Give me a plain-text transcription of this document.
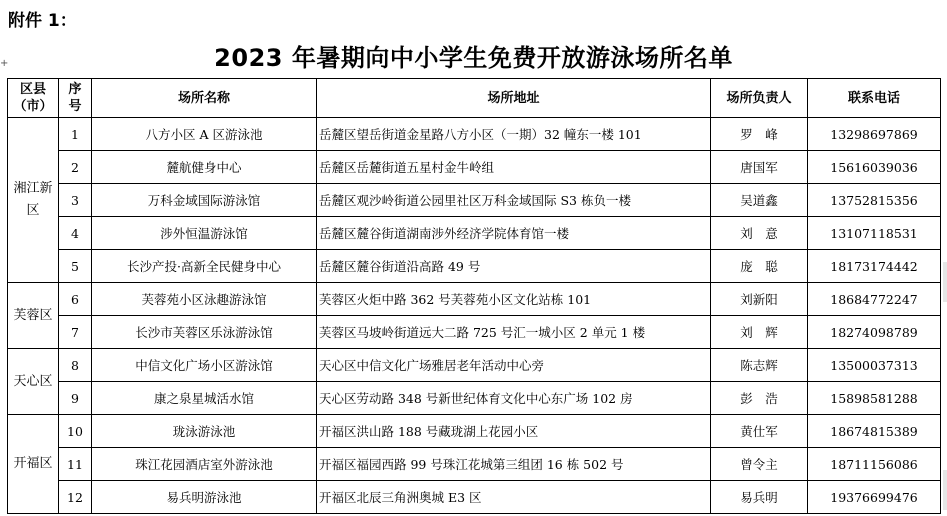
附件 1：
2023 年暑期向中小学生免费开放游泳场所名单
+
区县（市）	序号	场所名称	场所地址	场所负责人	联系电话
湘江新区	1	八方小区 A 区游泳池	岳麓区望岳街道金星路八方小区（一期）32 幢东一楼 101	罗　峰	13298697869
	2	麓航健身中心	岳麓区岳麓街道五星村金牛岭组	唐国军	15616039036
	3	万科金域国际游泳馆	岳麓区观沙岭街道公园里社区万科金域国际 S3 栋负一楼	吴道鑫	13752815356
	4	涉外恒温游泳馆	岳麓区麓谷街道湖南涉外经济学院体育馆一楼	刘　意	13107118531
	5	长沙产投·高新全民健身中心	岳麓区麓谷街道沿高路 49 号	庞　聪	18173174442
芙蓉区	6	芙蓉苑小区泳趣游泳馆	芙蓉区火炬中路 362 号芙蓉苑小区文化站栋 101	刘新阳	18684772247
	7	长沙市芙蓉区乐泳游泳馆	芙蓉区马坡岭街道远大二路 725 号汇一城小区 2 单元 1 楼	刘　辉	18274098789
天心区	8	中信文化广场小区游泳馆	天心区中信文化广场雅居老年活动中心旁	陈志辉	13500037313
	9	康之泉星城活水馆	天心区劳动路 348 号新世纪体育文化中心东广场 102 房	彭　浩	15898581288
开福区	10	珑泳游泳池	开福区洪山路 188 号藏珑湖上花园小区	黄仕军	18674815389
	11	珠江花园酒店室外游泳池	开福区福园西路 99 号珠江花城第三组团 16 栋 502 号	曾令主	18711156086
	12	易兵明游泳池	开福区北辰三角洲奥城 E3 区	易兵明	19376699476
